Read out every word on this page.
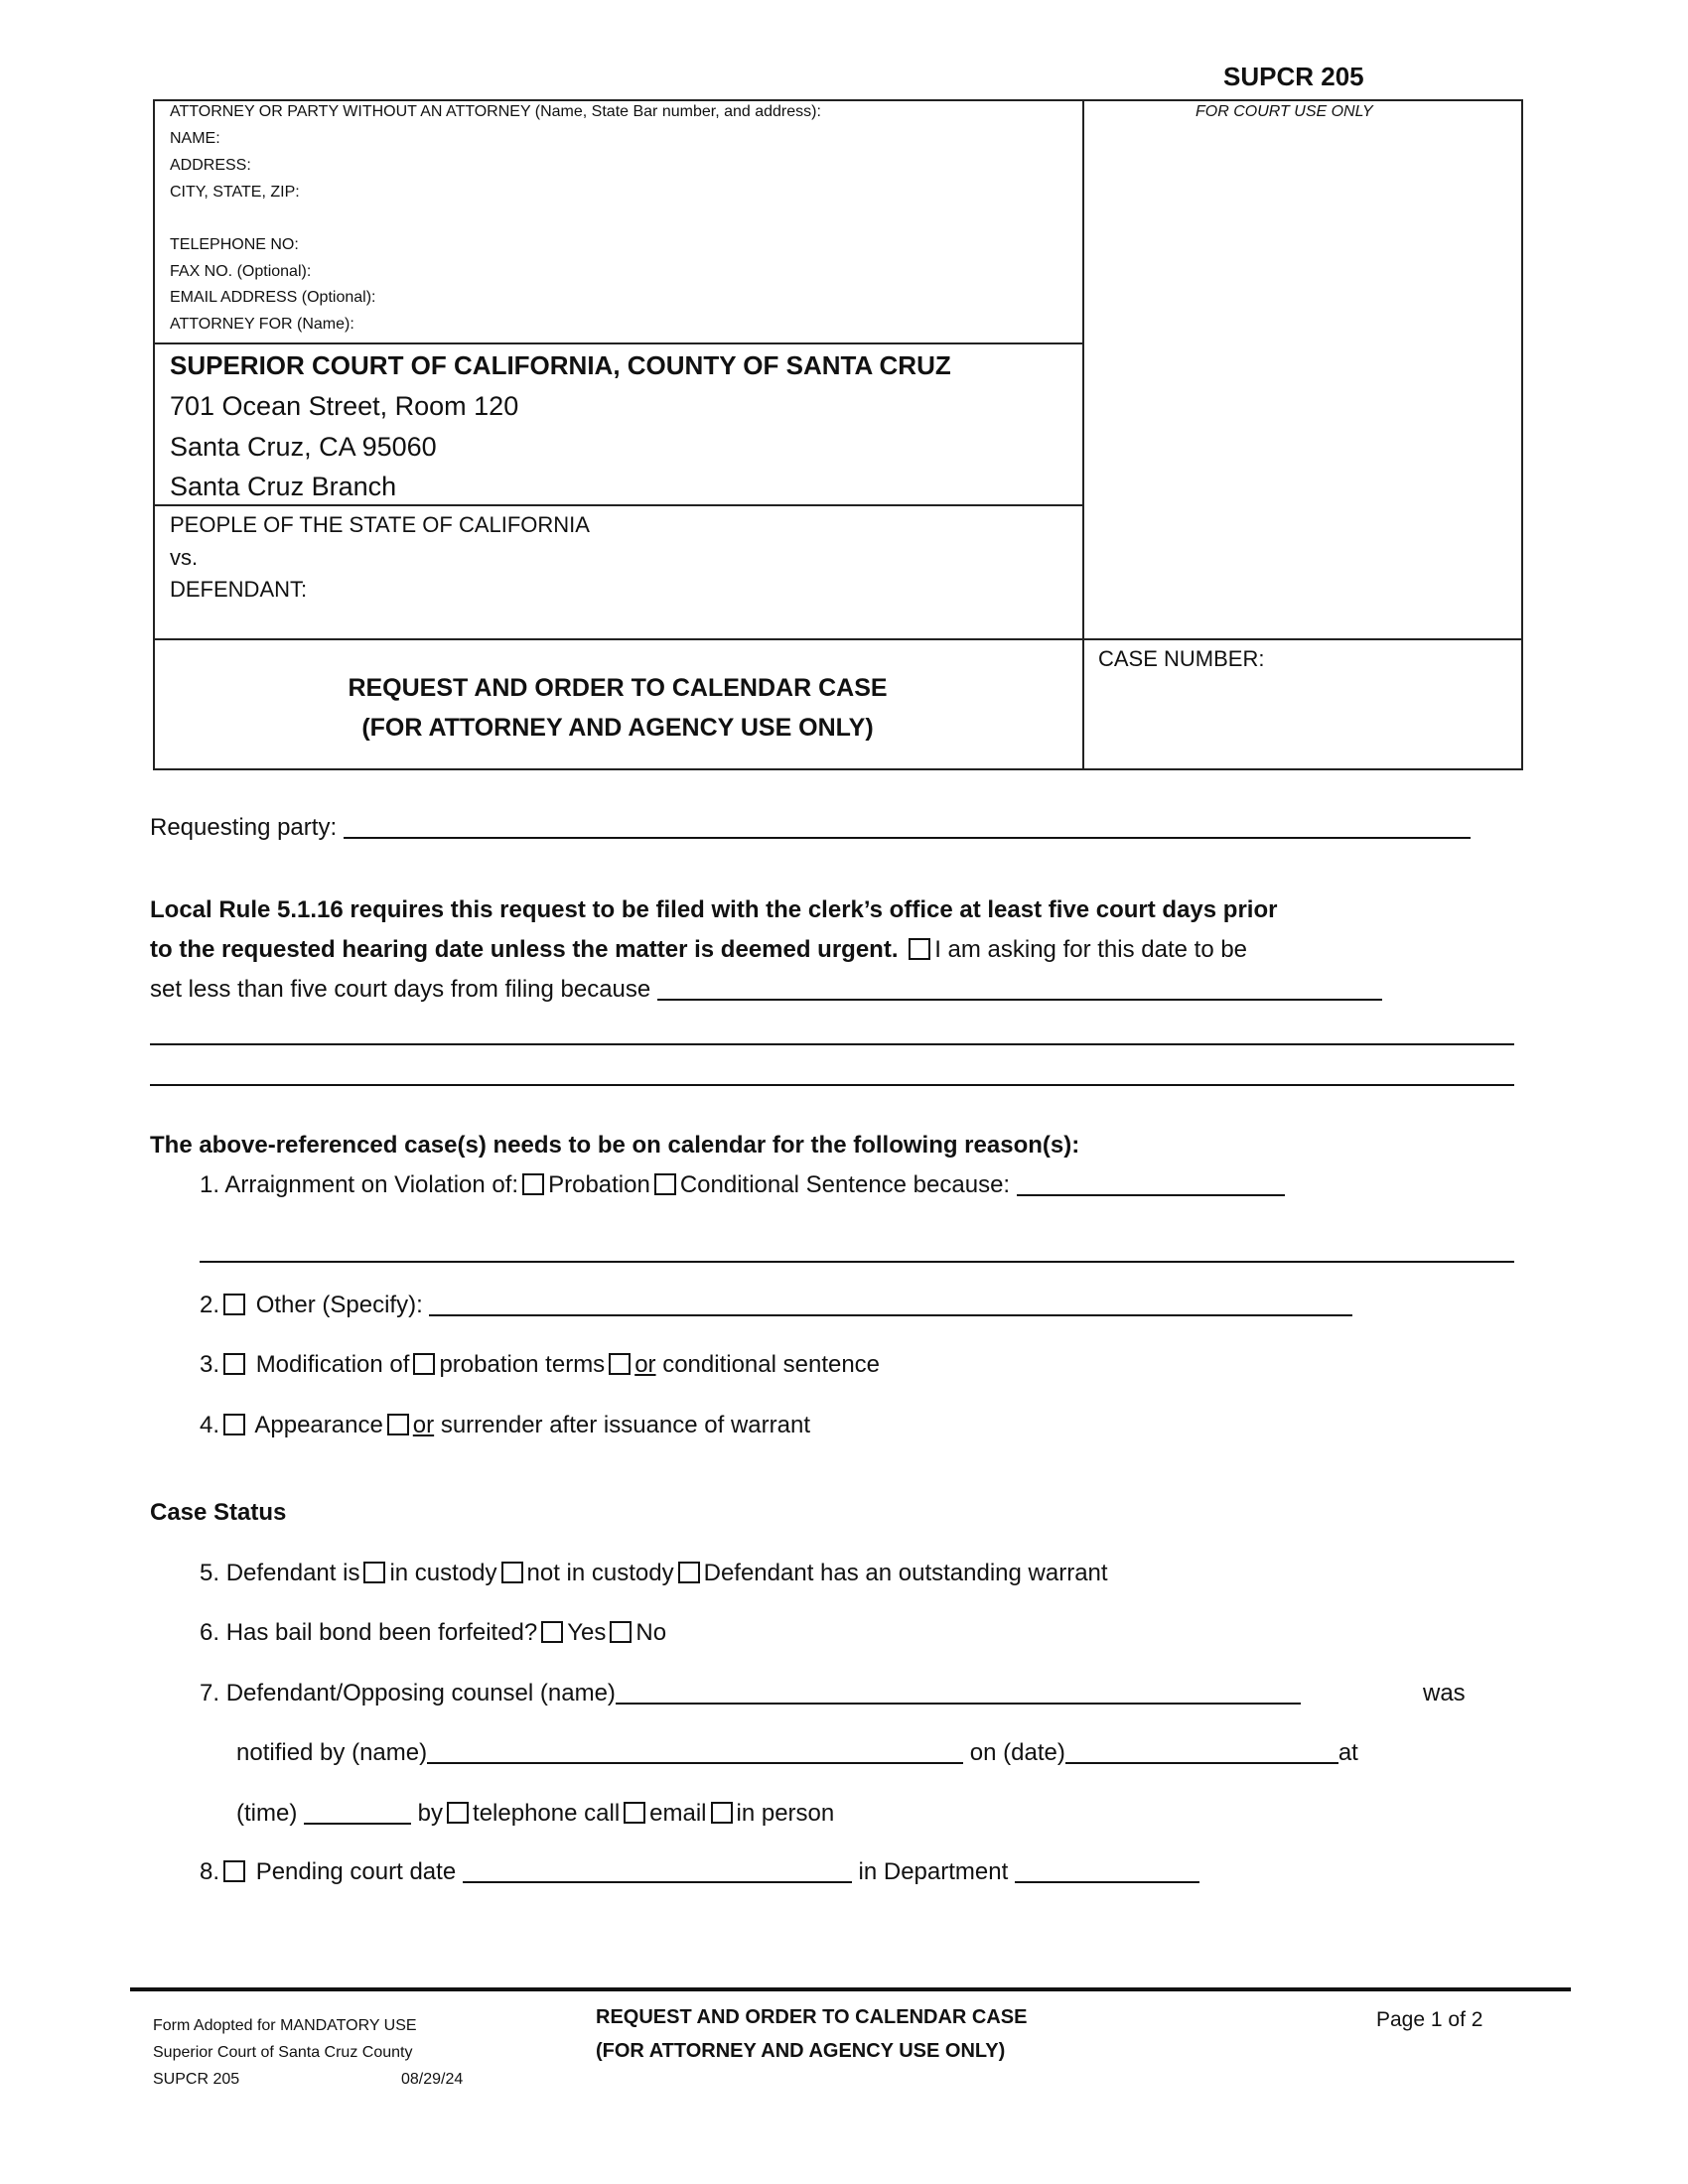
SUPCR 205
ATTORNEY OR PARTY WITHOUT AN ATTORNEY (Name, State Bar number, and address):
NAME:
ADDRESS:
CITY, STATE, ZIP:
TELEPHONE NO:
FAX NO. (Optional):
EMAIL ADDRESS (Optional):
ATTORNEY FOR (Name):
FOR COURT USE ONLY
SUPERIOR COURT OF CALIFORNIA, COUNTY OF SANTA CRUZ
701 Ocean Street, Room 120
Santa Cruz, CA 95060
Santa Cruz Branch
PEOPLE OF THE STATE OF CALIFORNIA
vs.
DEFENDANT:
REQUEST AND ORDER TO CALENDAR CASE
(FOR ATTORNEY AND AGENCY USE ONLY)
CASE NUMBER:
Requesting party:
Local Rule 5.1.16 requires this request to be filed with the clerk’s office at least five court days prior
to the requested hearing date unless the matter is deemed urgent. I am asking for this date to be
set less than five court days from filing because
The above-referenced case(s) needs to be on calendar for the following reason(s):
1. Arraignment on Violation of: Probation Conditional Sentence because:
2. Other (Specify):
3. Modification of probation terms or conditional sentence
4. Appearance or surrender after issuance of warrant
Case Status
5. Defendant is in custody not in custody Defendant has an outstanding warrant
6. Has bail bond been forfeited? Yes No
7. Defendant/Opposing counsel (name)	was
notified by (name)	on (date)	at
(time)	by telephone call email in person
8. Pending court date	in Department
Form Adopted for MANDATORY USE
Superior Court of Santa Cruz County
SUPCR 205	08/29/24
REQUEST AND ORDER TO CALENDAR CASE
(FOR ATTORNEY AND AGENCY USE ONLY)
Page 1 of 2
